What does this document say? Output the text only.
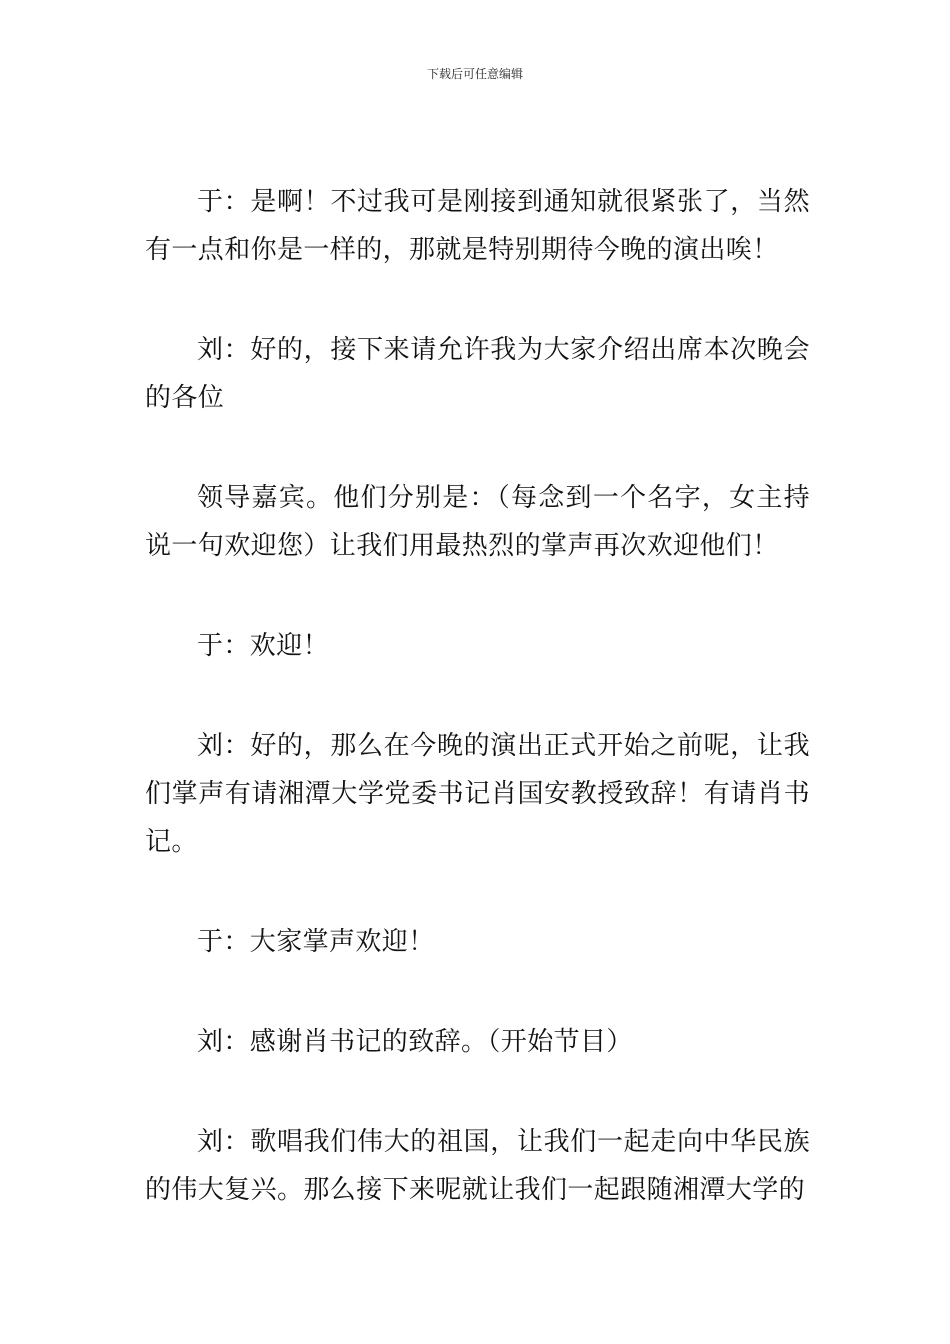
下载后可任意编辑

于：是啊！不过我可是刚接到通知就很紧张了，当然有一点和你是一样的，那就是特别期待今晚的演出唉！

刘：好的，接下来请允许我为大家介绍出席本次晚会的各位

领导嘉宾。他们分别是：（每念到一个名字，女主持说一句欢迎您）让我们用最热烈的掌声再次欢迎他们！

于：欢迎！

刘：好的，那么在今晚的演出正式开始之前呢，让我们掌声有请湘潭大学党委书记肖国安教授致辞！有请肖书记。

于：大家掌声欢迎！

刘：感谢肖书记的致辞。（开始节目）

刘：歌唱我们伟大的祖国，让我们一起走向中华民族的伟大复兴。那么接下来呢就让我们一起跟随湘潭大学的
